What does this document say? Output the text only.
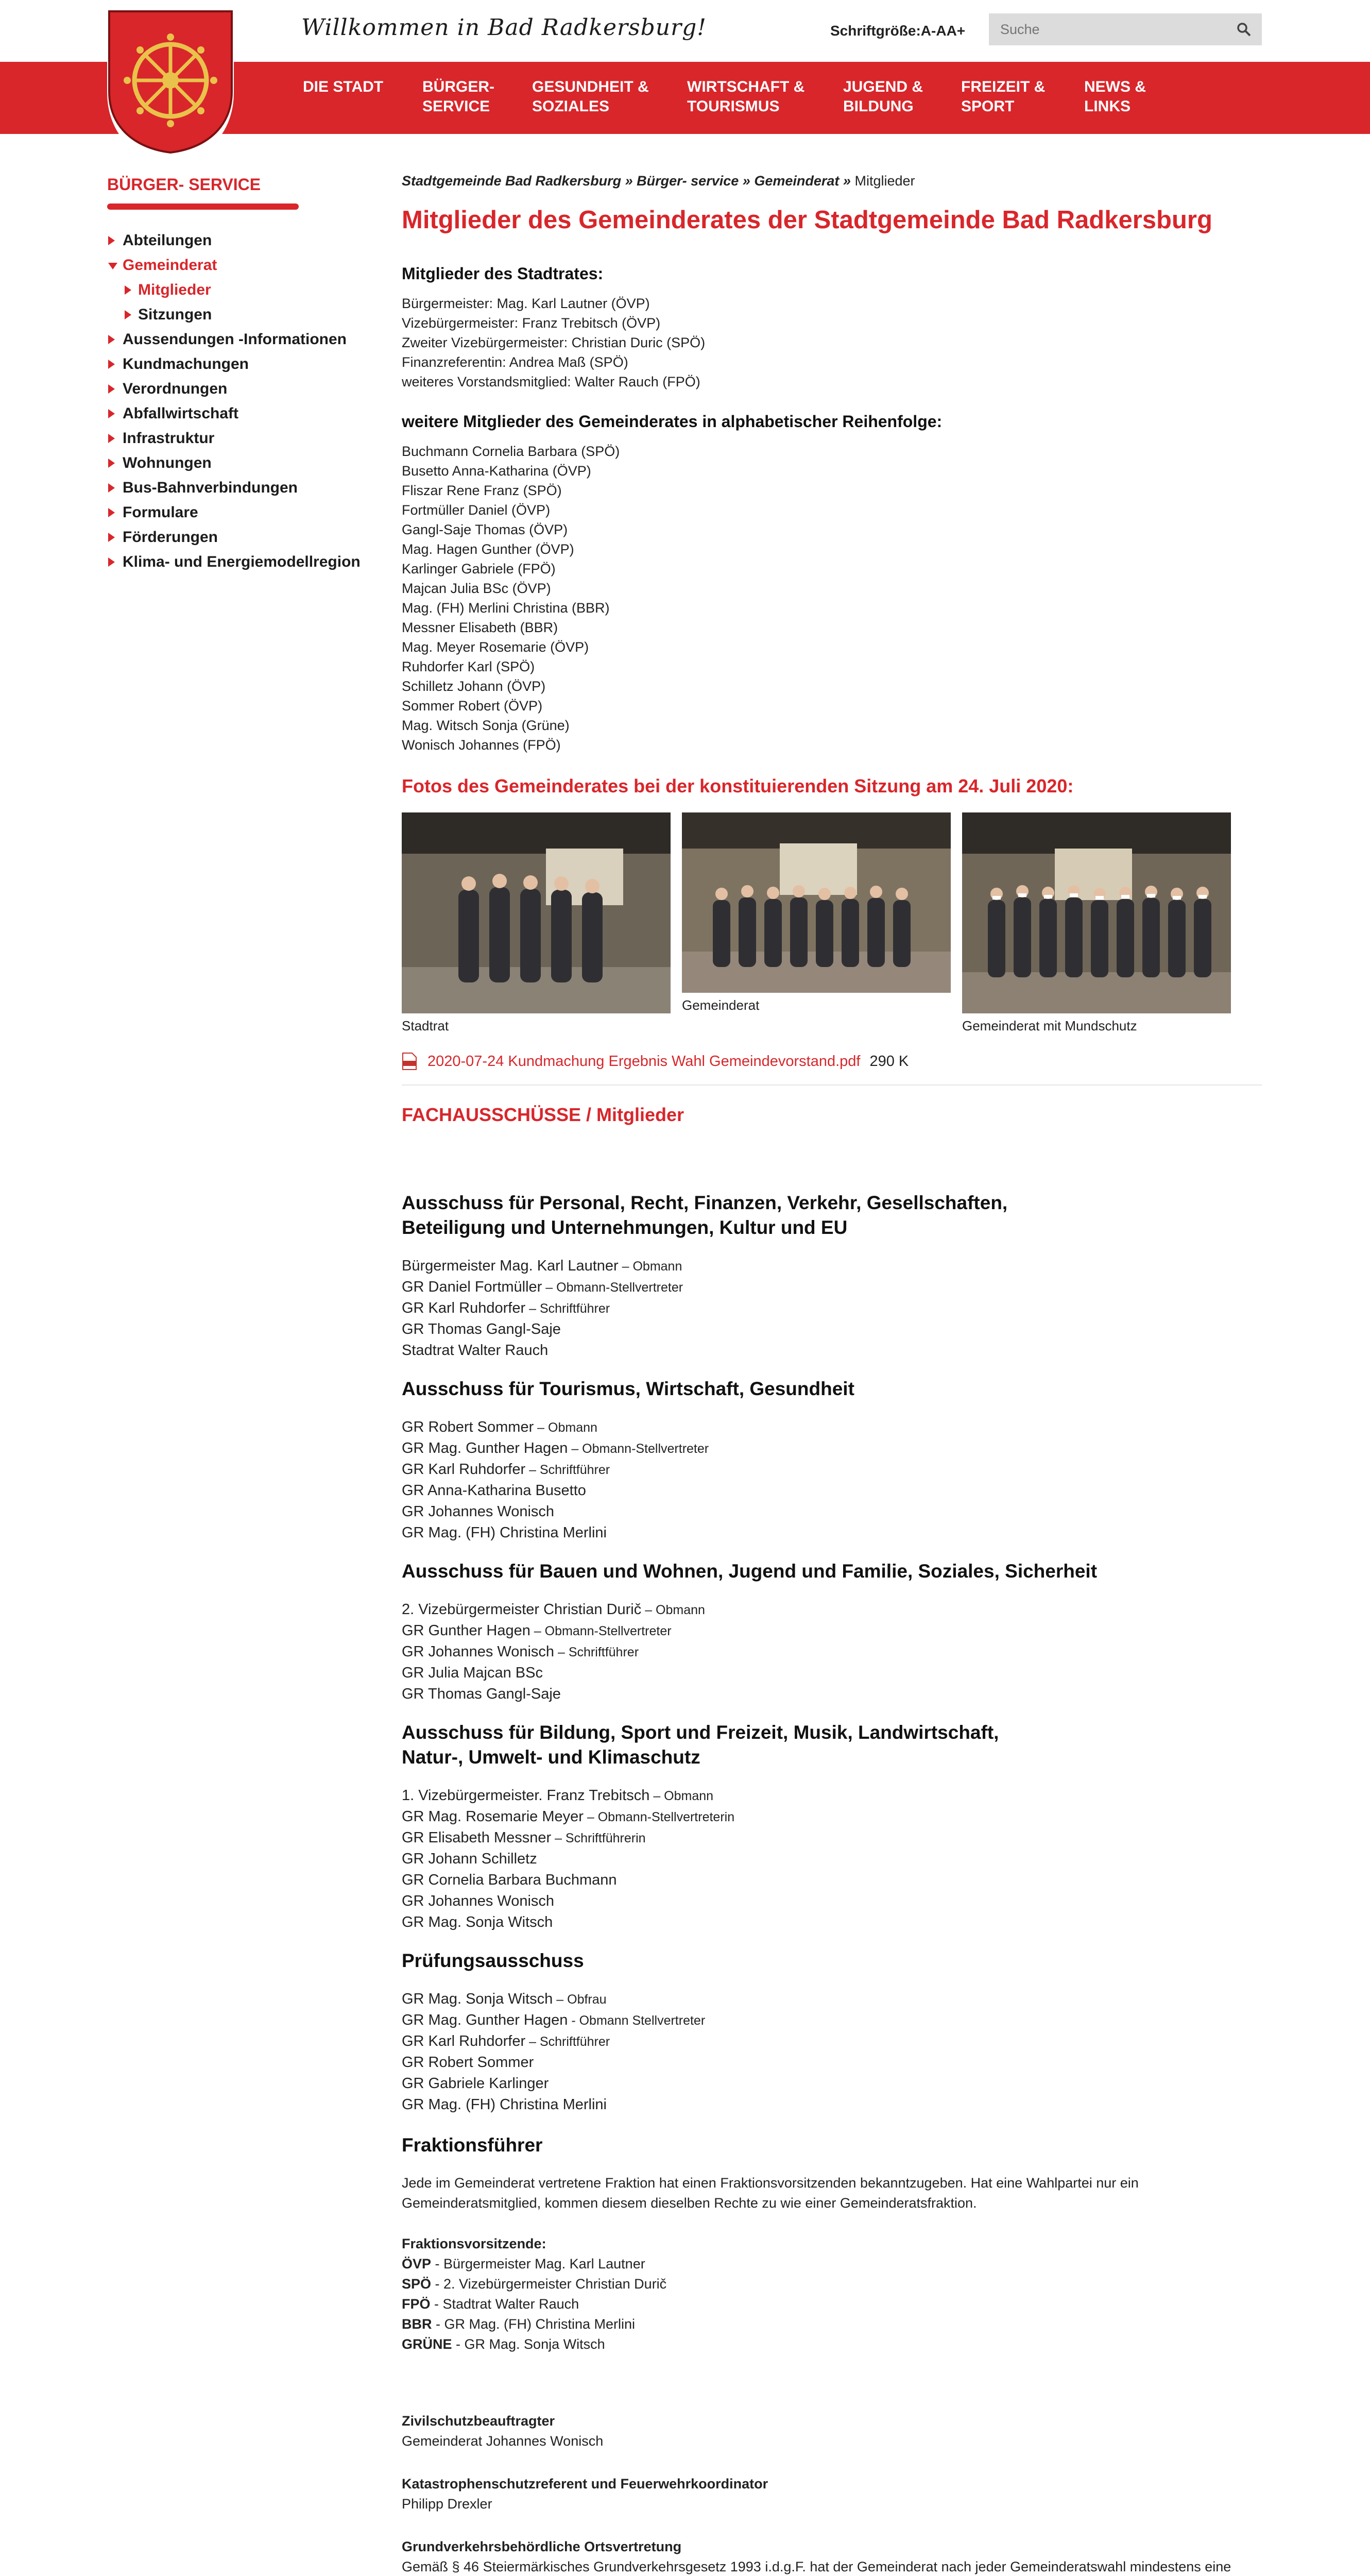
Willkommen in Bad Radkersburg!	Schriftgröße:A-AA+
Suche
DIE STADT	BÜRGER-
SERVICE
GESUNDHEIT &
SOZIALES
WIRTSCHAFT &
TOURISMUS
JUGEND &
BILDUNG
FREIZEIT &
SPORT
NEWS &
LINKS
BÜRGER- SERVICE
Abteilungen
Gemeinderat
Mitglieder
Sitzungen
Aussendungen -Informationen
Kundmachungen
Verordnungen
Abfallwirtschaft
Infrastruktur
Wohnungen
Bus-Bahnverbindungen
Formulare
Förderungen
Klima- und Energiemodellregion
Stadtgemeinde Bad Radkersburg » Bürger- service » Gemeinderat » Mitglieder
Mitglieder des Gemeinderates der Stadtgemeinde Bad Radkersburg
Mitglieder des Stadtrates:
Bürgermeister: Mag. Karl Lautner (ÖVP)
Vizebürgermeister: Franz Trebitsch (ÖVP)
Zweiter Vizebürgermeister: Christian Duric (SPÖ)
Finanzreferentin: Andrea Maß (SPÖ)
weiteres Vorstandsmitglied: Walter Rauch (FPÖ)
weitere Mitglieder des Gemeinderates in alphabetischer Reihenfolge:
Buchmann Cornelia Barbara (SPÖ)
Busetto Anna-Katharina (ÖVP)
Fliszar Rene Franz (SPÖ)
Fortmüller Daniel (ÖVP)
Gangl-Saje Thomas (ÖVP)
Mag. Hagen Gunther (ÖVP)
Karlinger Gabriele (FPÖ)
Majcan Julia BSc (ÖVP)
Mag. (FH) Merlini Christina (BBR)
Messner Elisabeth (BBR)
Mag. Meyer Rosemarie (ÖVP)
Ruhdorfer Karl (SPÖ)
Schilletz Johann (ÖVP)
Sommer Robert (ÖVP)
Mag. Witsch Sonja (Grüne)
Wonisch Johannes (FPÖ)
Fotos des Gemeinderates bei der konstituierenden Sitzung am 24. Juli 2020:
Stadtrat
Gemeinderat
Gemeinderat mit Mundschutz
2020-07-24 Kundmachung Ergebnis Wahl Gemeindevorstand.pdf 290 K
FACHAUSSCHÜSSE / Mitglieder
Ausschuss für Personal, Recht, Finanzen, Verkehr, Gesellschaften,
Beteiligung und Unternehmungen, Kultur und EU
Bürgermeister Mag. Karl Lautner – Obmann
GR Daniel Fortmüller – Obmann-Stellvertreter
GR Karl Ruhdorfer – Schriftführer
GR Thomas Gangl-Saje
Stadtrat Walter Rauch
Ausschuss für Tourismus, Wirtschaft, Gesundheit
GR Robert Sommer – Obmann
GR Mag. Gunther Hagen – Obmann-Stellvertreter
GR Karl Ruhdorfer – Schriftführer
GR Anna-Katharina Busetto
GR Johannes Wonisch
GR Mag. (FH) Christina Merlini
Ausschuss für Bauen und Wohnen, Jugend und Familie, Soziales, Sicherheit
2. Vizebürgermeister Christian Durič – Obmann
GR Gunther Hagen – Obmann-Stellvertreter
GR Johannes Wonisch – Schriftführer
GR Julia Majcan BSc
GR Thomas Gangl-Saje
Ausschuss für Bildung, Sport und Freizeit, Musik, Landwirtschaft,
Natur-, Umwelt- und Klimaschutz
1. Vizebürgermeister. Franz Trebitsch – Obmann
GR Mag. Rosemarie Meyer – Obmann-Stellvertreterin
GR Elisabeth Messner – Schriftführerin
GR Johann Schilletz
GR Cornelia Barbara Buchmann
GR Johannes Wonisch
GR Mag. Sonja Witsch
Prüfungsausschuss
GR Mag. Sonja Witsch – Obfrau
GR Mag. Gunther Hagen - Obmann Stellvertreter
GR Karl Ruhdorfer – Schriftführer
GR Robert Sommer
GR Gabriele Karlinger
GR Mag. (FH) Christina Merlini
Fraktionsführer
Jede im Gemeinderat vertretene Fraktion hat einen Fraktionsvorsitzenden bekanntzugeben. Hat eine Wahlpartei nur ein
Gemeinderatsmitglied, kommen diesem dieselben Rechte zu wie einer Gemeinderatsfraktion.
Fraktionsvorsitzende:
ÖVP - Bürgermeister Mag. Karl Lautner
SPÖ - 2. Vizebürgermeister Christian Durič
FPÖ - Stadtrat Walter Rauch
BBR - GR Mag. (FH) Christina Merlini
GRÜNE - GR Mag. Sonja Witsch
Zivilschutzbeauftragter
Gemeinderat Johannes Wonisch
Katastrophenschutzreferent und Feuerwehrkoordinator
Philipp Drexler
Grundverkehrsbehördliche Ortsvertretung
Gemäß § 46 Steiermärkisches Grundverkehrsgesetz 1993 i.d.g.F. hat der Gemeinderat nach jeder Gemeinderatswahl mindestens eine
